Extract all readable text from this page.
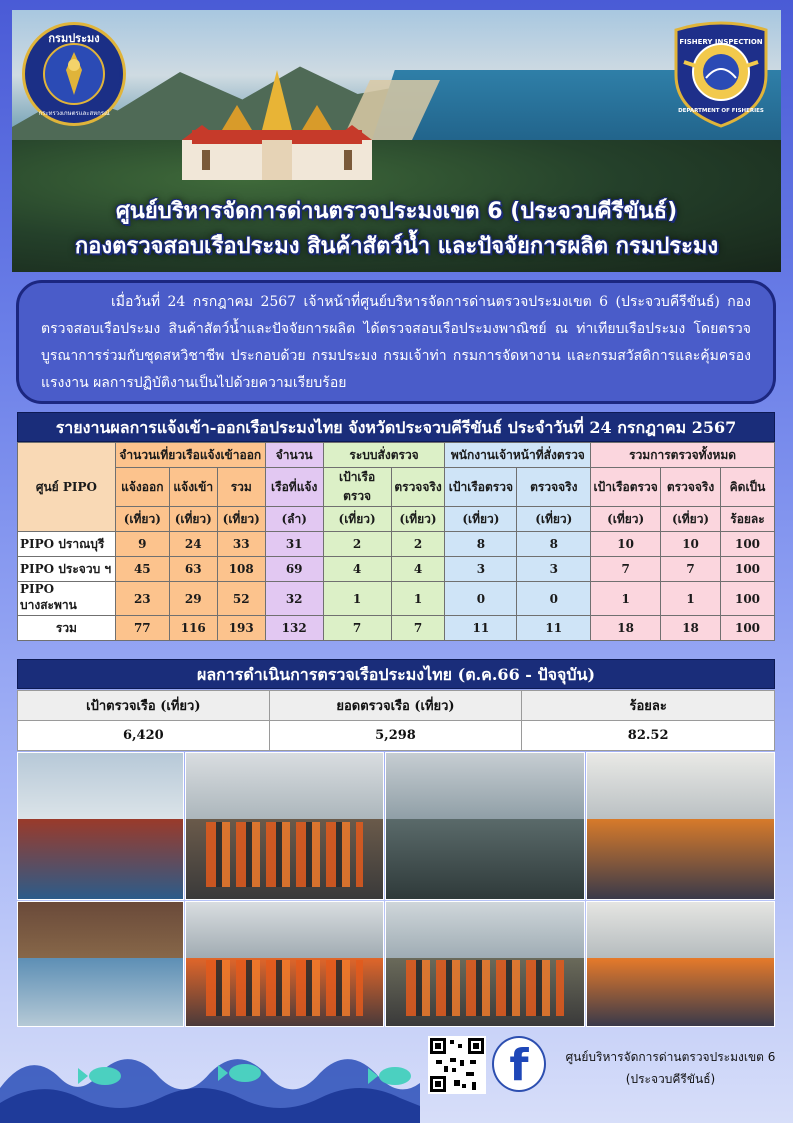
ศูนย์บริหารจัดการด่านตรวจประมงเขต 6 (ประจวบคีรีขันธ์)
กองตรวจสอบเรือประมง สินค้าสัตว์น้ำ และปัจจัยการผลิต กรมประมง
กรมประมง
กระทรวงเกษตรและสหกรณ์
FISHERY INSPECTION
DEPARTMENT OF FISHERIES

เมื่อวันที่ 24 กรกฎาคม 2567 เจ้าหน้าที่ศูนย์บริหารจัดการด่านตรวจประมงเขต 6 (ประจวบคีรีขันธ์) กองตรวจสอบเรือประมง สินค้าสัตว์น้ำและปัจจัยการผลิต ได้ตรวจสอบเรือประมงพาณิชย์ ณ ท่าเทียบเรือประมง โดยตรวจบูรณาการร่วมกับชุดสหวิชาชีพ ประกอบด้วย กรมประมง กรมเจ้าท่า กรมการจัดหางาน และกรมสวัสดิการและคุ้มครองแรงงาน ผลการปฏิบัติงานเป็นไปด้วยความเรียบร้อย

รายงานผลการแจ้งเข้า-ออกเรือประมงไทย จังหวัดประจวบคีรีขันธ์ ประจำวันที่ 24 กรกฎาคม 2567
ศูนย์ PIPO	จำนวนเที่ยวเรือแจ้งเข้าออก			จำนวน	ระบบสั่งตรวจ		พนักงานเจ้าหน้าที่สั่งตรวจ		รวมการตรวจทั้งหมด		
	แจ้งออก	แจ้งเข้า	รวม	เรือที่แจ้ง	เป้าเรือตรวจ	ตรวจจริง	เป้าเรือตรวจ	ตรวจจริง	เป้าเรือตรวจ	ตรวจจริง	คิดเป็น
	(เที่ยว)	(เที่ยว)	(เที่ยว)	(ลำ)	(เที่ยว)	(เที่ยว)	(เที่ยว)	(เที่ยว)	(เที่ยว)	(เที่ยว)	ร้อยละ
PIPO ปราณบุรี	9	24	33	31	2	2	8	8	10	10	100
PIPO ประจวบ ฯ	45	63	108	69	4	4	3	3	7	7	100
PIPO บางสะพาน	23	29	52	32	1	1	0	0	1	1	100
รวม	77	116	193	132	7	7	11	11	18	18	100
ผลการดำเนินการตรวจเรือประมงไทย (ต.ค.66 - ปัจจุบัน)
เป้าตรวจเรือ (เที่ยว)	ยอดตรวจเรือ (เที่ยว)	ร้อยละ
6,420	5,298	82.52
f	ศูนย์บริหารจัดการด่านตรวจประมงเขต 6
(ประจวบคีรีขันธ์)
